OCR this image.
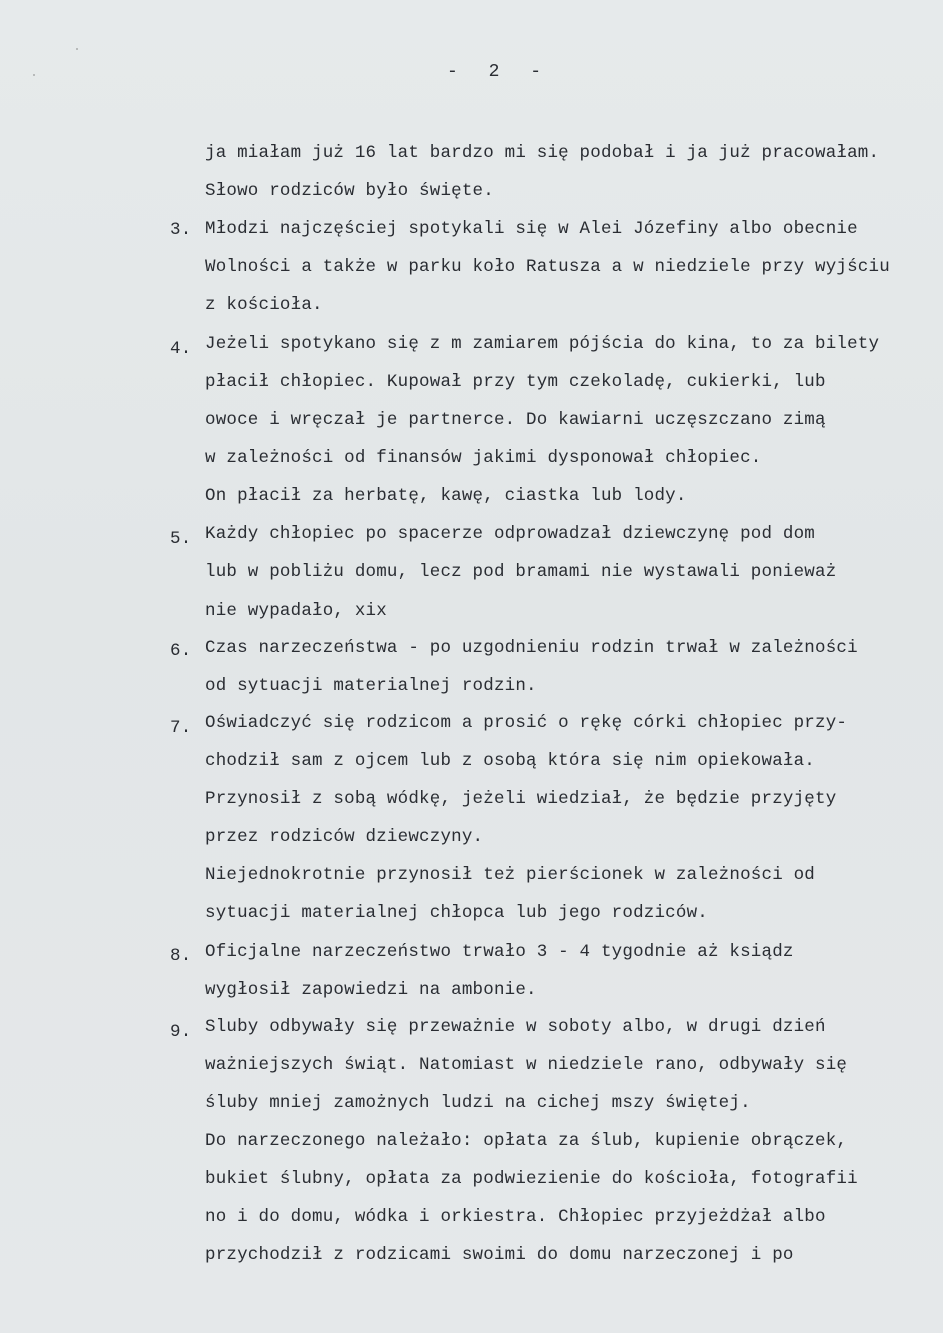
- 2 -
ja miałam już 16 lat bardzo mi się podobał i ja już pracowałam.
Słowo rodziców było święte.
3. Młodzi najczęściej spotykali się w Alei Józefiny albo obecnie
Wolności a także w parku koło Ratusza a w niedziele przy wyjściu
z kościoła.
4. Jeżeli spotykano się z m zamiarem pójścia do kina, to za bilety
płacił chłopiec. Kupował przy tym czekoladę, cukierki, lub
owoce i wręczał je partnerce. Do kawiarni uczęszczano zimą
w zależności od finansów jakimi dysponował chłopiec.
On płacił za herbatę, kawę, ciastka lub lody.
5. Każdy chłopiec po spacerze odprowadzał dziewczynę pod dom
lub w pobliżu domu, lecz pod bramami nie wystawali ponieważ
nie wypadało, xix
6. Czas narzeczeństwa - po uzgodnieniu rodzin trwał w zależności
od sytuacji materialnej rodzin.
7. Oświadczyć się rodzicom a prosić o rękę córki chłopiec przy-
chodził sam z ojcem lub z osobą która się nim opiekowała.
Przynosił z sobą wódkę, jeżeli wiedział, że będzie przyjęty
przez rodziców dziewczyny.
Niejednokrotnie przynosił też pierścionek w zależności od
sytuacji materialnej chłopca lub jego rodziców.
8. Oficjalne narzeczeństwo trwało 3 - 4 tygodnie aż ksiądz
wygłosił zapowiedzi na ambonie.
9. Sluby odbywały się przeważnie w soboty albo, w drugi dzień
ważniejszych świąt. Natomiast w niedziele rano, odbywały się
śluby mniej zamożnych ludzi na cichej mszy świętej.
Do narzeczonego należało: opłata za ślub, kupienie obrączek,
bukiet ślubny, opłata za podwiezienie do kościoła, fotografii
no i do domu, wódka i orkiestra. Chłopiec przyjeżdżał albo
przychodził z rodzicami swoimi do domu narzeczonej i po
